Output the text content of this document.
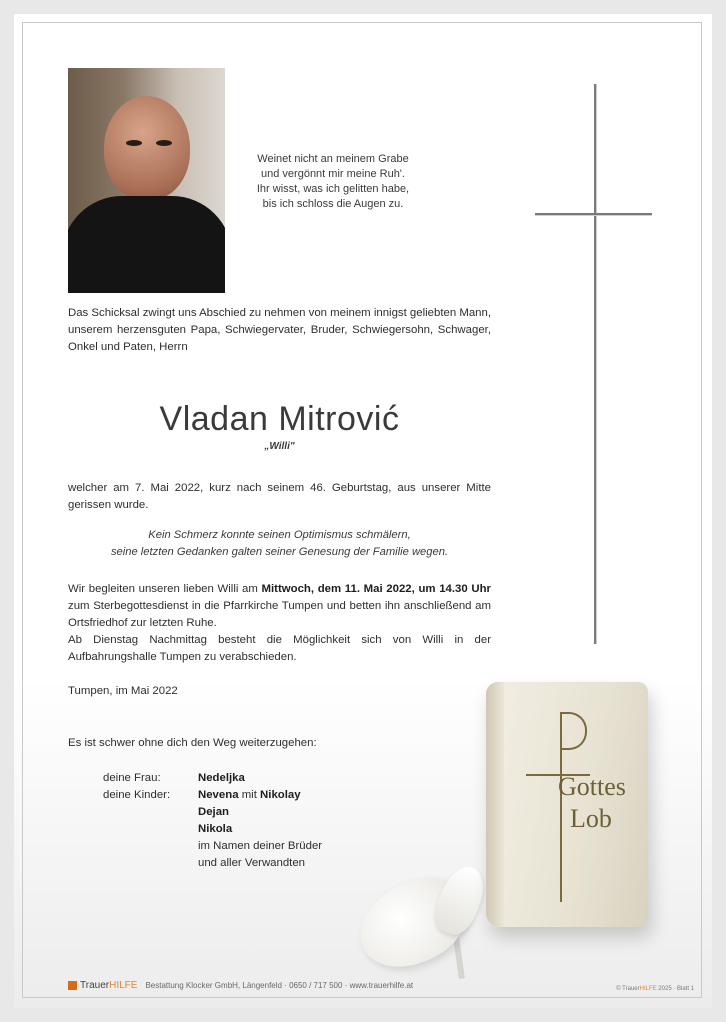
Weinet nicht an meinem Grabe
und vergönnt mir meine Ruh'.
Ihr wisst, was ich gelitten habe,
bis ich schloss die Augen zu.
Das Schicksal zwingt uns Abschied zu nehmen von meinem innigst geliebten Mann, unserem herzensguten Papa, Schwiegervater, Bruder, Schwiegersohn, Schwager, Onkel und Paten, Herrn
Vladan Mitrović
„Willi"
welcher am 7. Mai 2022, kurz nach seinem 46. Geburtstag, aus unserer Mitte gerissen wurde.
Kein Schmerz konnte seinen Optimismus schmälern,
seine letzten Gedanken galten seiner Genesung der Familie wegen.
Wir begleiten unseren lieben Willi am Mittwoch, dem 11. Mai 2022, um 14.30 Uhr zum Sterbegottesdienst in die Pfarrkirche Tumpen und betten ihn anschließend am Ortsfriedhof zur letzten Ruhe.
Ab Dienstag Nachmittag besteht die Möglichkeit sich von Willi in der Aufbahrungshalle Tumpen zu verabschieden.
Tumpen, im Mai 2022
Es ist schwer ohne dich den Weg weiterzugehen:
deine Frau:	Nedeljka
deine Kinder:	Nevena mit Nikolay
Dejan
Nikola
im Namen deiner Brüder
und aller Verwandten
Gottes
Lob
Trauer HILFE Bestattung Klocker GmbH, Längenfeld · 0650 / 717 500 · www.trauerhilfe.at	© TrauerHILFE 2025 · Blatt 1
